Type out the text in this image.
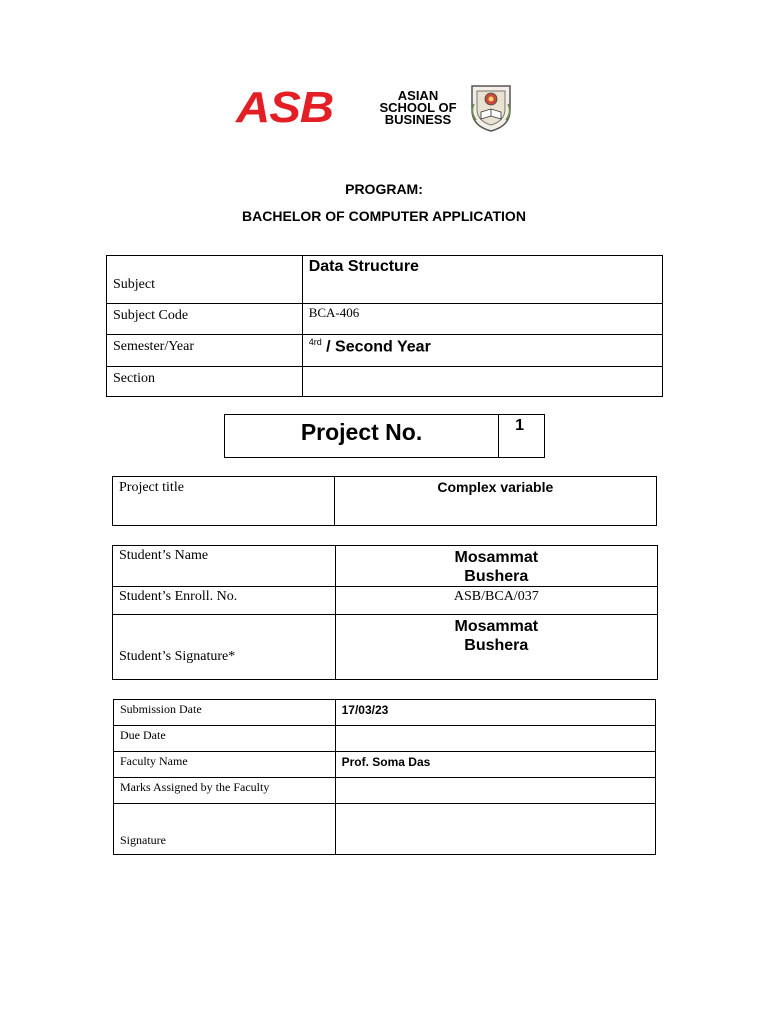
ASB	ASIAN
SCHOOL OF
BUSINESS
PROGRAM:
BACHELOR OF COMPUTER APPLICATION
Subject	Data Structure
Subject Code	BCA-406
Semester/Year	$^{4rd}$ / Second Year
Section	
Project No.	1
Project title	Complex variable
Student’s Name	Mosammat
Bushera

Student’s Enroll. No.	ASB/BCA/037
Student’s Signature*	Mosammat
Bushera
Submission Date	17/03/23
Due Date	
Faculty Name	Prof. Soma Das
Marks Assigned by the Faculty	
Signature	
